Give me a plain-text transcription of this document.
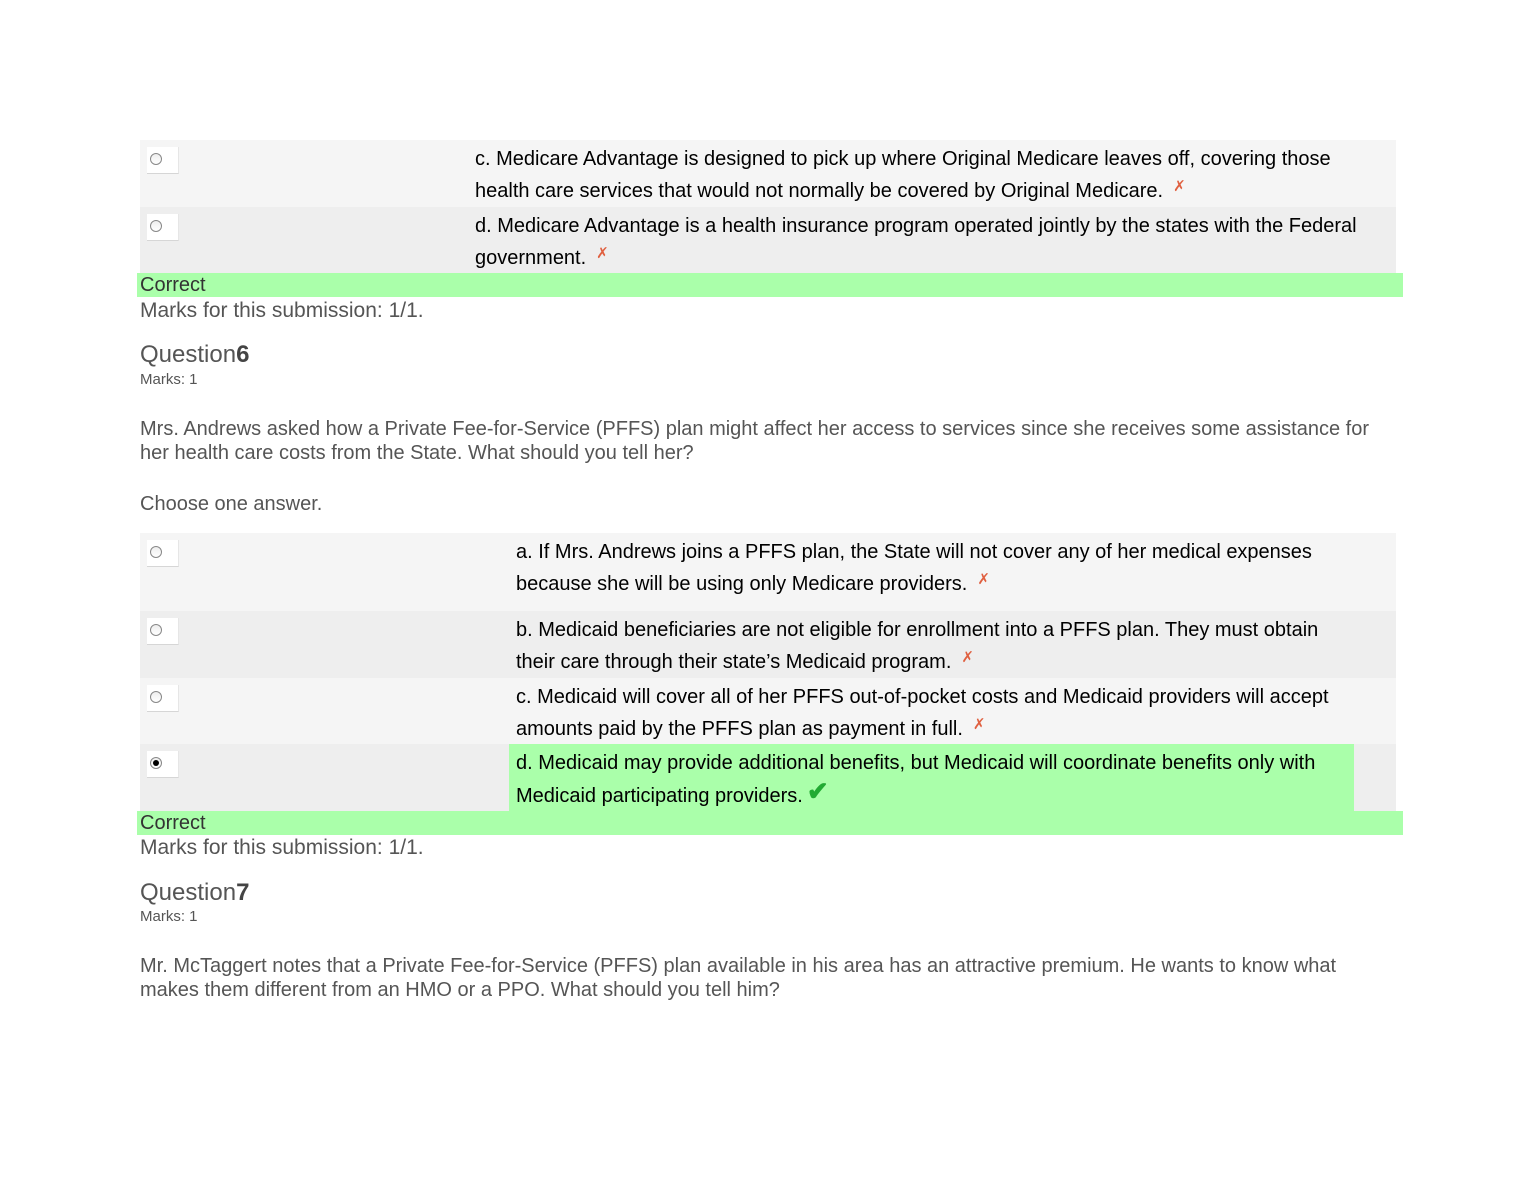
c. Medicare Advantage is designed to pick up where Original Medicare leaves off, covering those health care services that would not normally be covered by Original Medicare. ✗
d. Medicare Advantage is a health insurance program operated jointly by the states with the Federal government. ✗
Correct
Marks for this submission: 1/1.
Question6
Marks: 1
Mrs. Andrews asked how a Private Fee-for-Service (PFFS) plan might affect her access to services since she receives some assistance for her health care costs from the State. What should you tell her?
Choose one answer.
a. If Mrs. Andrews joins a PFFS plan, the State will not cover any of her medical expenses because she will be using only Medicare providers. ✗
b. Medicaid beneficiaries are not eligible for enrollment into a PFFS plan. They must obtain their care through their state’s Medicaid program. ✗
c. Medicaid will cover all of her PFFS out-of-pocket costs and Medicaid providers will accept amounts paid by the PFFS plan as payment in full. ✗
d. Medicaid may provide additional benefits, but Medicaid will coordinate benefits only with Medicaid participating providers. ✔
Correct
Marks for this submission: 1/1.
Question7
Marks: 1
Mr. McTaggert notes that a Private Fee-for-Service (PFFS) plan available in his area has an attractive premium. He wants to know what makes them different from an HMO or a PPO. What should you tell him?
